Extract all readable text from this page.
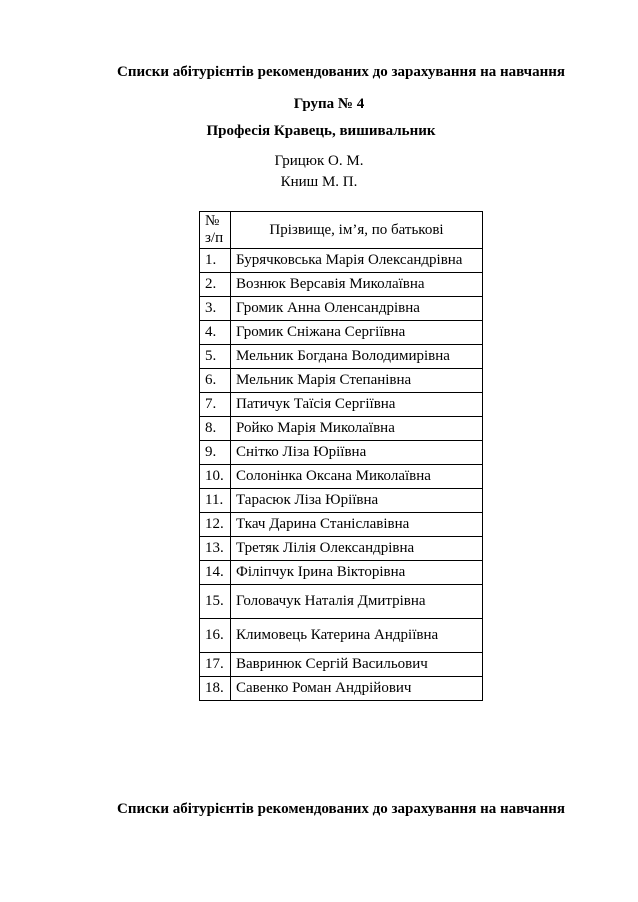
Списки абітурієнтів рекомендованих до зарахування на навчання
Група № 4
Професія Кравець, вишивальник
Грицюк О. М.
Книш М. П.
№
з/п	Прізвище, ім’я, по батькові
1.	Бурячковська Марія Олександрівна
2.	Вознюк Версавія Миколаївна
3.	Громик Анна Оленсандрівна
4.	Громик Сніжана Сергіївна
5.	Мельник Богдана Володимирівна
6.	Мельник Марія Степанівна
7.	Патичук Таїсія Сергіївна
8.	Ройко Марія Миколаївна
9.	Снітко Ліза Юріївна
10.	Солонінка Оксана Миколаївна
11.	Тарасюк Ліза Юріївна
12.	Ткач Дарина Станіславівна
13.	Третяк Лілія Олександрівна
14.	Філіпчук Ірина Вікторівна
15.	Головачук Наталія Дмитрівна
16.	Климовець Катерина Андріївна
17.	Вавринюк Сергій Васильович
18.	Савенко Роман Андрійович
Списки абітурієнтів рекомендованих до зарахування на навчання
